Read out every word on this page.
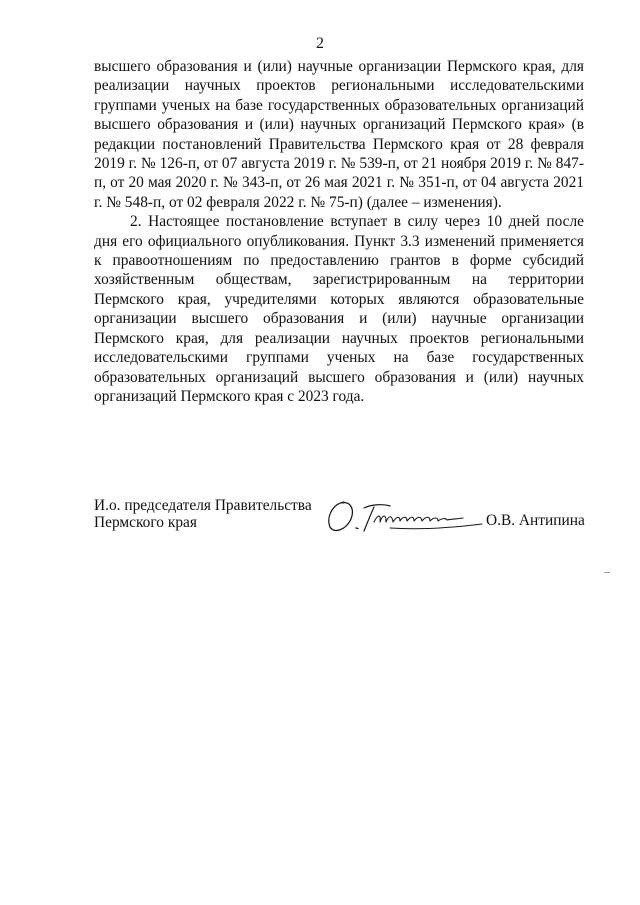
2

высшего образования и (или) научные организации Пермского края, для реализации научных проектов региональными исследовательскими группами ученых на базе государственных образовательных организаций высшего образования и (или) научных организаций Пермского края» (в редакции постановлений Правительства Пермского края от 28 февраля 2019 г. № 126-п, от 07 августа 2019 г. № 539-п, от 21 ноября 2019 г. № 847-п, от 20 мая 2020 г. № 343-п, от 26 мая 2021 г. № 351-п, от 04 августа 2021 г. № 548-п, от 02 февраля 2022 г. № 75-п) (далее – изменения).

2. Настоящее постановление вступает в силу через 10 дней после дня его официального опубликования. Пункт 3.3 изменений применяется к правоотношениям по предоставлению грантов в форме субсидий хозяйственным обществам, зарегистрированным на территории Пермского края, учредителями которых являются образовательные организации высшего образования и (или) научные организации Пермского края, для реализации научных проектов региональными исследовательскими группами ученых на базе государственных образовательных организаций высшего образования и (или) научных организаций Пермского края с 2023 года.

И.о. председателя Правительства
Пермского края	О.В. Антипина
